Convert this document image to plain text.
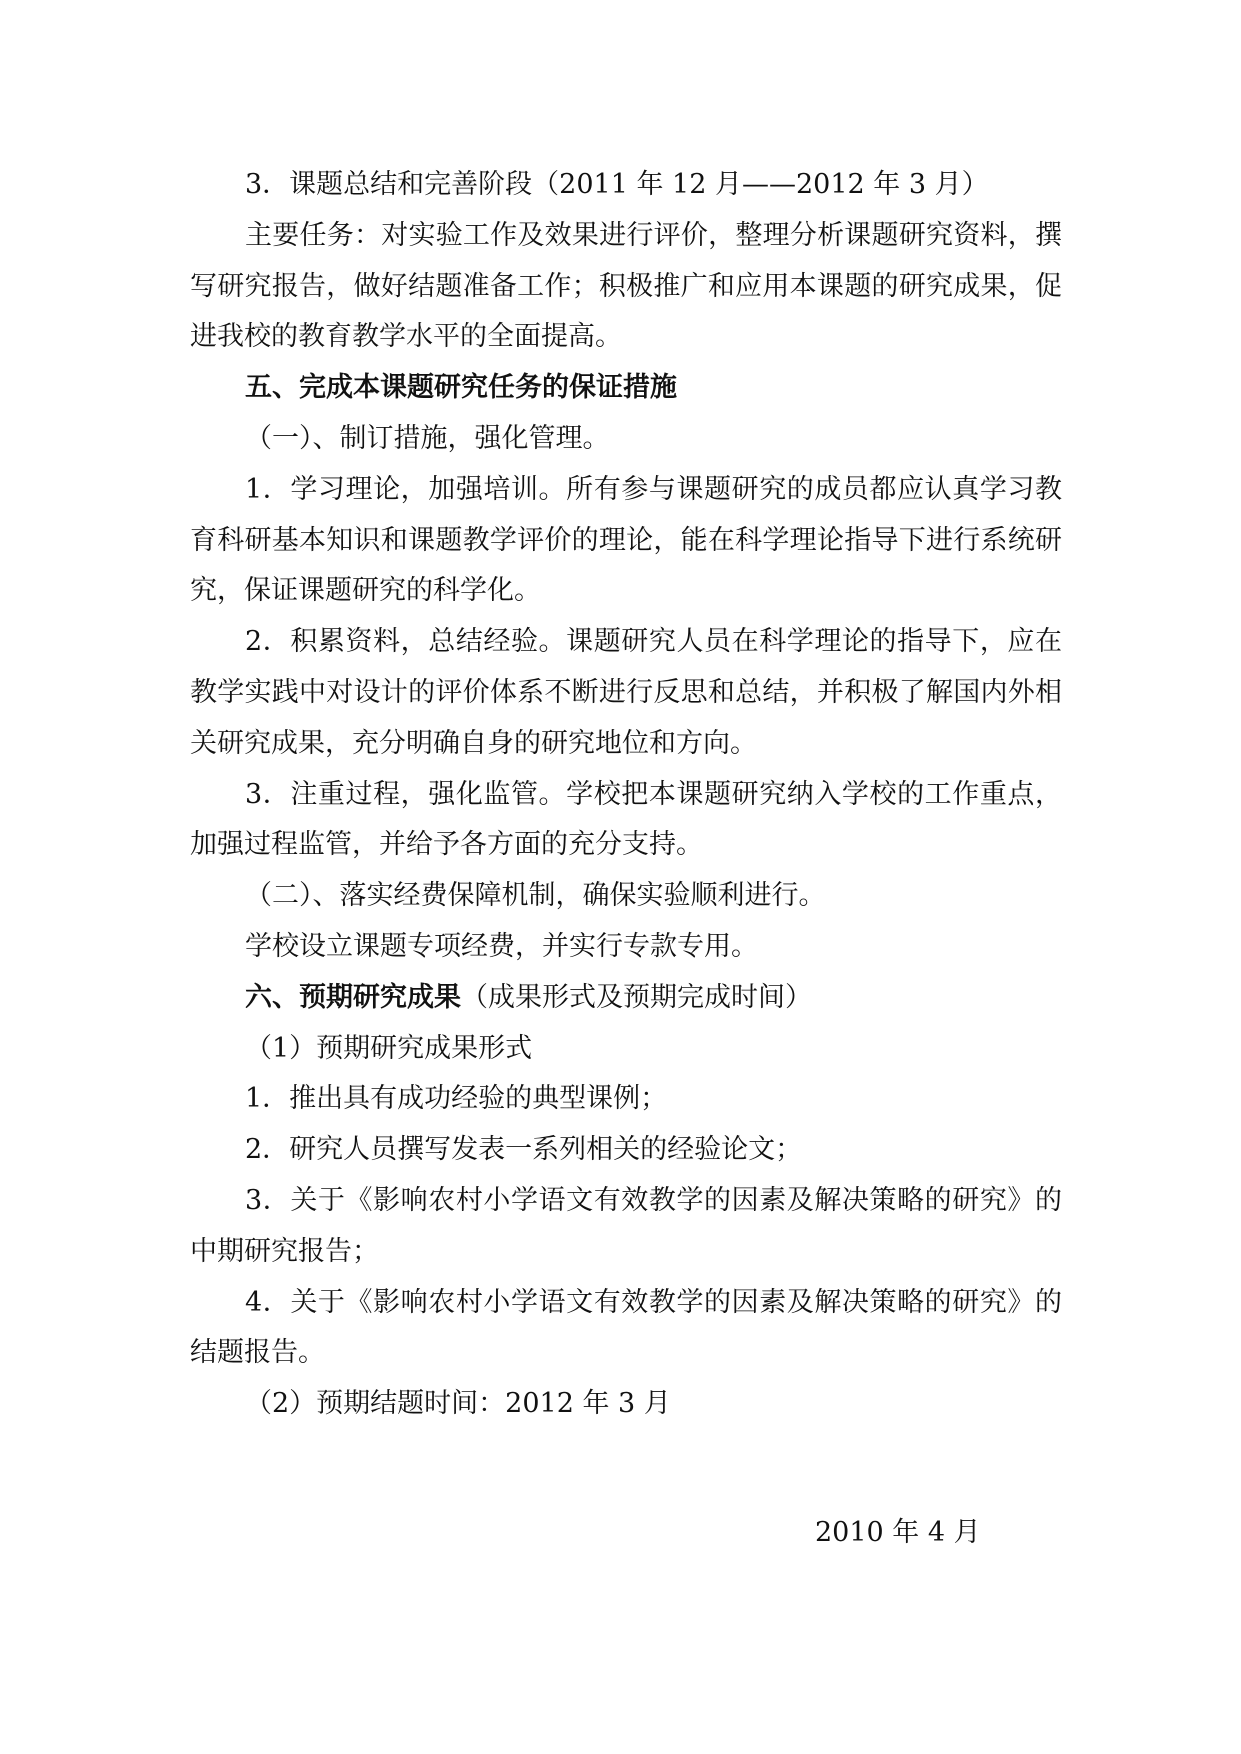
3．课题总结和完善阶段（2011 年 12 月——2012 年 3 月）

主要任务：对实验工作及效果进行评价，整理分析课题研究资料，撰写研究报告，做好结题准备工作；积极推广和应用本课题的研究成果，促进我校的教育教学水平的全面提高。

五、完成本课题研究任务的保证措施

（一）、制订措施，强化管理。

1．学习理论，加强培训。所有参与课题研究的成员都应认真学习教育科研基本知识和课题教学评价的理论，能在科学理论指导下进行系统研究，保证课题研究的科学化。

2．积累资料，总结经验。课题研究人员在科学理论的指导下，应在教学实践中对设计的评价体系不断进行反思和总结，并积极了解国内外相关研究成果，充分明确自身的研究地位和方向。

3．注重过程，强化监管。学校把本课题研究纳入学校的工作重点，加强过程监管，并给予各方面的充分支持。

（二）、落实经费保障机制，确保实验顺利进行。

学校设立课题专项经费，并实行专款专用。

六、预期研究成果（成果形式及预期完成时间）

（1）预期研究成果形式

1．推出具有成功经验的典型课例；

2．研究人员撰写发表一系列相关的经验论文；

3．关于《影响农村小学语文有效教学的因素及解决策略的研究》的中期研究报告；

4．关于《影响农村小学语文有效教学的因素及解决策略的研究》的结题报告。

（2）预期结题时间：2012 年 3 月

2010 年 4 月
